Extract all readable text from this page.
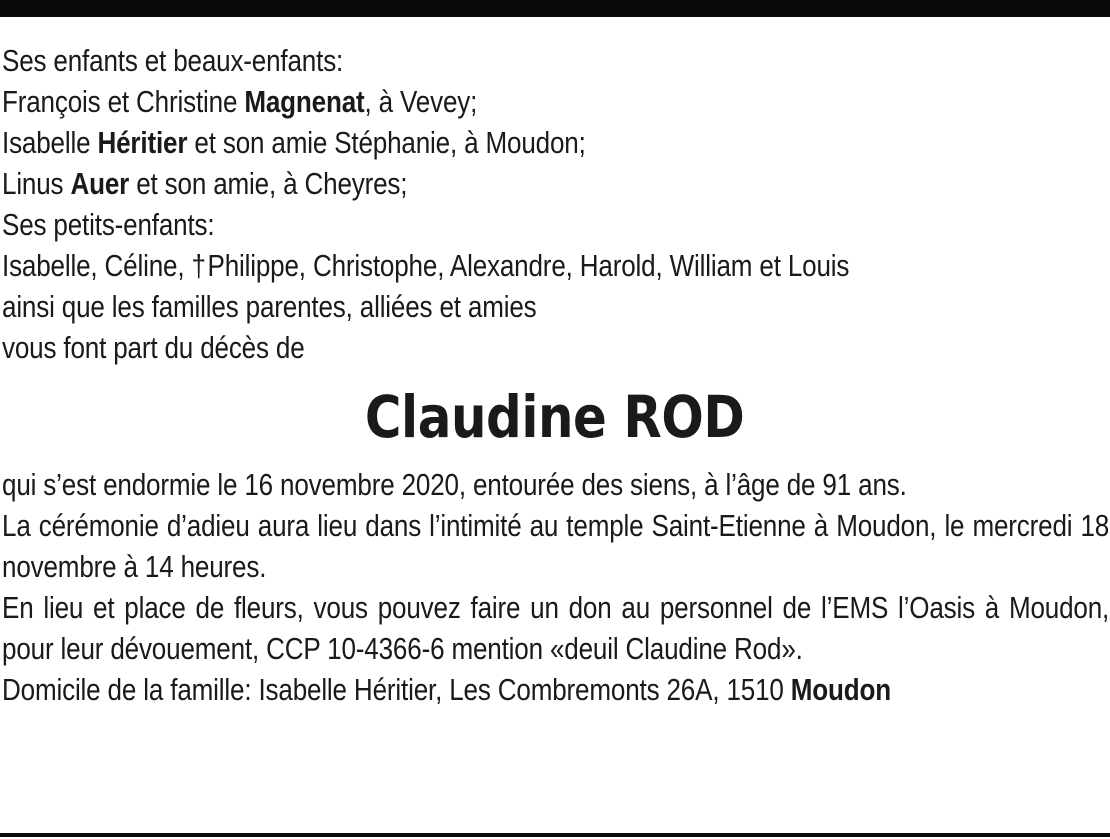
Ses enfants et beaux-enfants:
François et Christine Magnenat, à Vevey;
Isabelle Héritier et son amie Stéphanie, à Moudon;
Linus Auer et son amie, à Cheyres;
Ses petits-enfants:
Isabelle, Céline, †Philippe, Christophe, Alexandre, Harold, William et Louis
ainsi que les familles parentes, alliées et amies
vous font part du décès de
Claudine ROD
qui s’est endormie le 16 novembre 2020, entourée des siens, à l’âge de 91 ans.
La cérémonie d’adieu aura lieu dans l’intimité au temple Saint-Etienne à Moudon, le mercredi 18 novembre à 14 heures.
En lieu et place de fleurs, vous pouvez faire un don au personnel de l’EMS l’Oasis à Moudon, pour leur dévouement, CCP 10-4366-6 mention «deuil Claudine Rod».
Domicile de la famille: Isabelle Héritier, Les Combremonts 26A, 1510 Moudon
